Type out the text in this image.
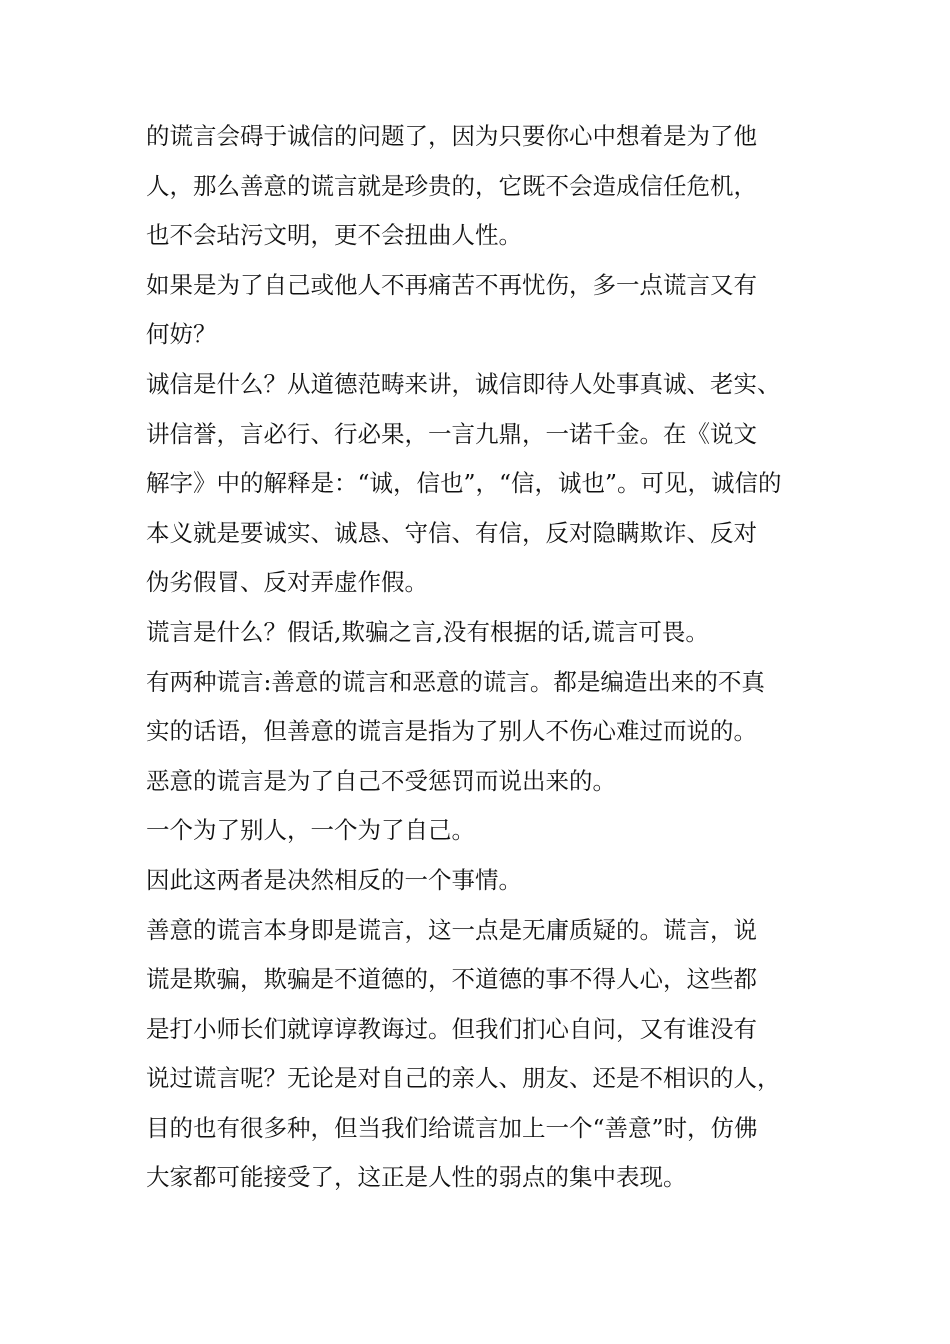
的谎言会碍于诚信的问题了，因为只要你心中想着是为了他
人，那么善意的谎言就是珍贵的，它既不会造成信任危机，
也不会玷污文明，更不会扭曲人性。
如果是为了自己或他人不再痛苦不再忧伤，多一点谎言又有
何妨？
诚信是什么？从道德范畴来讲，诚信即待人处事真诚、老实、
讲信誉，言必行、行必果，一言九鼎，一诺千金。在《说文
解字》中的解释是：“诚，信也”，“信，诚也”。可见，诚信的
本义就是要诚实、诚恳、守信、有信，反对隐瞒欺诈、反对
伪劣假冒、反对弄虚作假。
谎言是什么？假话,欺骗之言,没有根据的话,谎言可畏。
有两种谎言:善意的谎言和恶意的谎言。都是编造出来的不真
实的话语，但善意的谎言是指为了别人不伤心难过而说的。
恶意的谎言是为了自己不受惩罚而说出来的。
一个为了别人，一个为了自己。
因此这两者是决然相反的一个事情。
善意的谎言本身即是谎言，这一点是无庸质疑的。谎言，说
谎是欺骗，欺骗是不道德的，不道德的事不得人心，这些都
是打小师长们就谆谆教诲过。但我们扪心自问，又有谁没有
说过谎言呢？无论是对自己的亲人、朋友、还是不相识的人，
目的也有很多种，但当我们给谎言加上一个“善意”时，仿佛
大家都可能接受了，这正是人性的弱点的集中表现。
